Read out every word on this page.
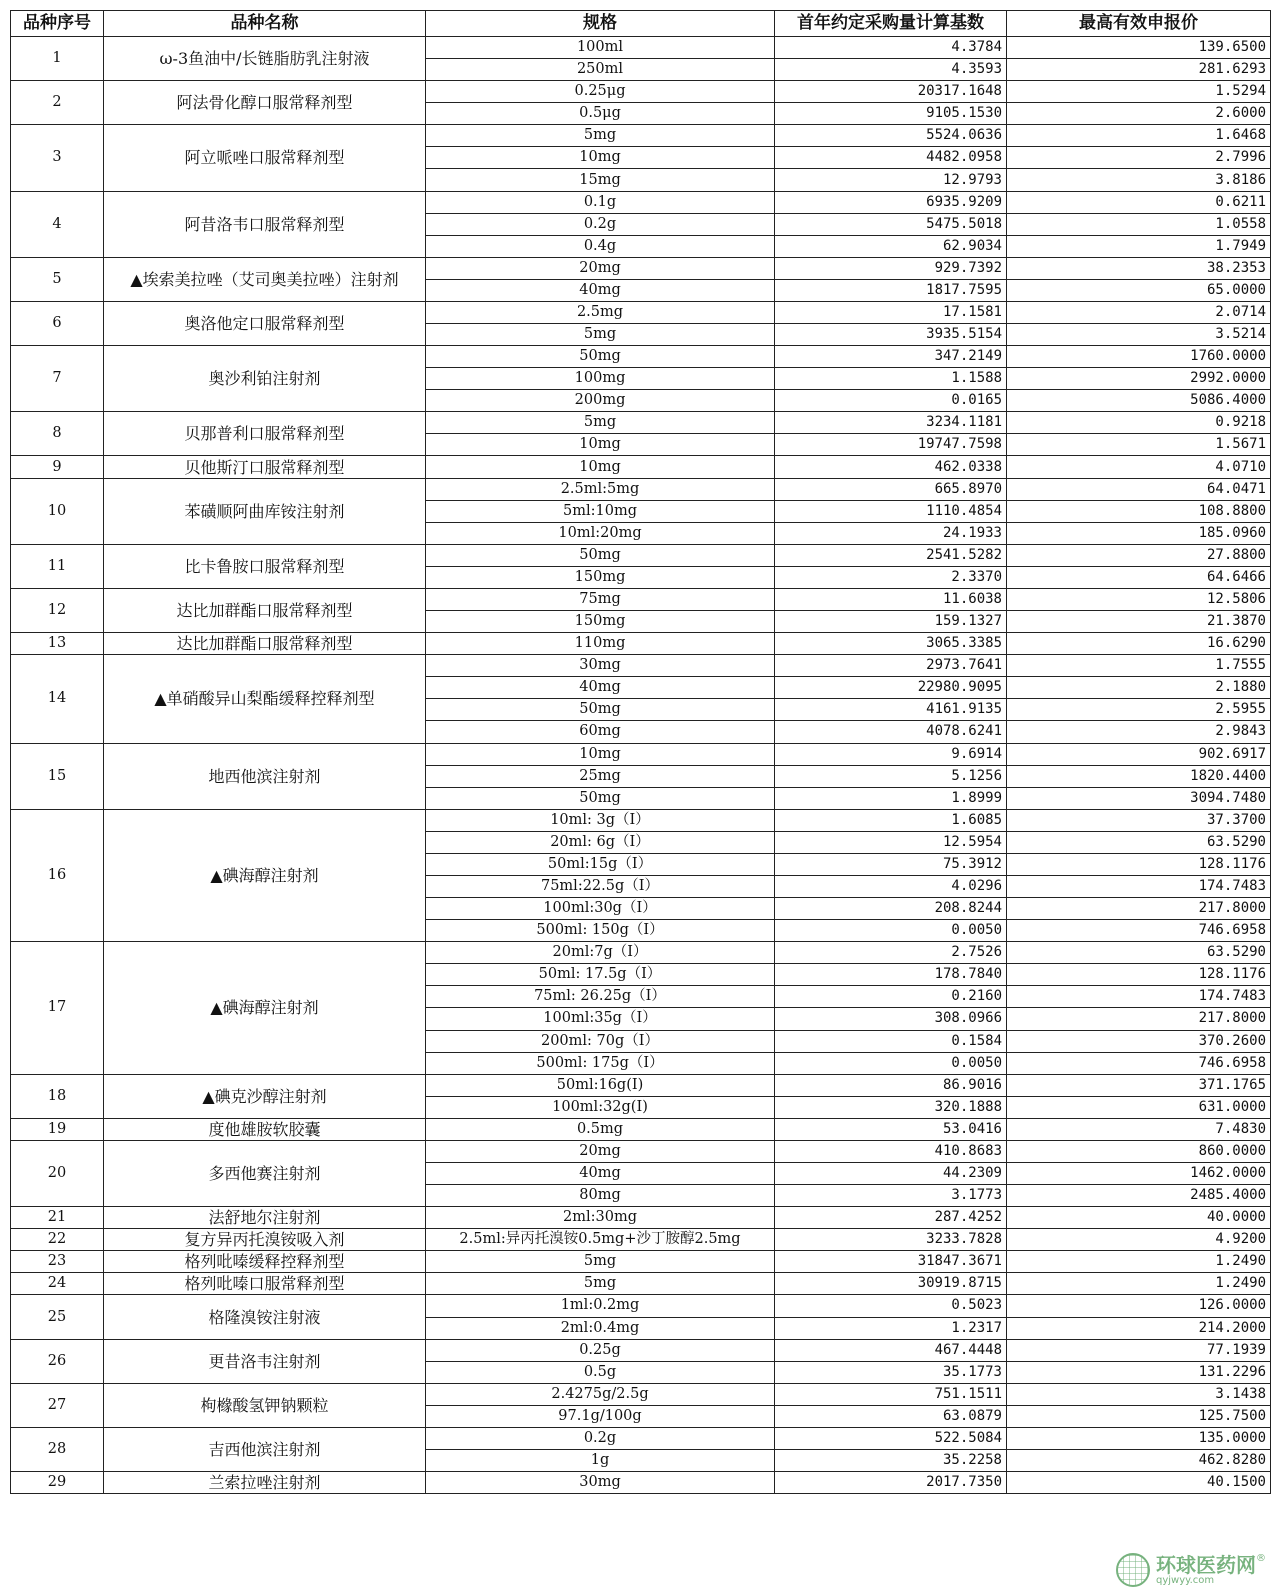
品种序号	品种名称	规格	首年约定采购量计算基数	最高有效申报价
1	ω-3鱼油中/长链脂肪乳注射液	100ml	4.3784	139.6500
		250ml	4.3593	281.6293
2	阿法骨化醇口服常释剂型	0.25μg	20317.1648	1.5294
		0.5μg	9105.1530	2.6000
3	阿立哌唑口服常释剂型	5mg	5524.0636	1.6468
		10mg	4482.0958	2.7996
		15mg	12.9793	3.8186
4	阿昔洛韦口服常释剂型	0.1g	6935.9209	0.6211
		0.2g	5475.5018	1.0558
		0.4g	62.9034	1.7949
5	▲埃索美拉唑（艾司奥美拉唑）注射剂	20mg	929.7392	38.2353
		40mg	1817.7595	65.0000
6	奥洛他定口服常释剂型	2.5mg	17.1581	2.0714
		5mg	3935.5154	3.5214
7	奥沙利铂注射剂	50mg	347.2149	1760.0000
		100mg	1.1588	2992.0000
		200mg	0.0165	5086.4000
8	贝那普利口服常释剂型	5mg	3234.1181	0.9218
		10mg	19747.7598	1.5671
9	贝他斯汀口服常释剂型	10mg	462.0338	4.0710
10	苯磺顺阿曲库铵注射剂	2.5ml:5mg	665.8970	64.0471
		5ml:10mg	1110.4854	108.8800
		10ml:20mg	24.1933	185.0960
11	比卡鲁胺口服常释剂型	50mg	2541.5282	27.8800
		150mg	2.3370	64.6466
12	达比加群酯口服常释剂型	75mg	11.6038	12.5806
		150mg	159.1327	21.3870
13	达比加群酯口服常释剂型	110mg	3065.3385	16.6290
14	▲单硝酸异山梨酯缓释控释剂型	30mg	2973.7641	1.7555
		40mg	22980.9095	2.1880
		50mg	4161.9135	2.5955
		60mg	4078.6241	2.9843
15	地西他滨注射剂	10mg	9.6914	902.6917
		25mg	5.1256	1820.4400
		50mg	1.8999	3094.7480
16	▲碘海醇注射剂	10ml: 3g（I）	1.6085	37.3700
		20ml: 6g（I）	12.5954	63.5290
		50ml:15g（I）	75.3912	128.1176
		75ml:22.5g（I）	4.0296	174.7483
		100ml:30g（I）	208.8244	217.8000
		500ml: 150g（I）	0.0050	746.6958
17	▲碘海醇注射剂	20ml:7g（I）	2.7526	63.5290
		50ml: 17.5g（I）	178.7840	128.1176
		75ml: 26.25g（I）	0.2160	174.7483
		100ml:35g（I）	308.0966	217.8000
		200ml: 70g（I）	0.1584	370.2600
		500ml: 175g（I）	0.0050	746.6958
18	▲碘克沙醇注射剂	50ml:16g(I)	86.9016	371.1765
		100ml:32g(I)	320.1888	631.0000
19	度他雄胺软胶囊	0.5mg	53.0416	7.4830
20	多西他赛注射剂	20mg	410.8683	860.0000
		40mg	44.2309	1462.0000
		80mg	3.1773	2485.4000
21	法舒地尔注射剂	2ml:30mg	287.4252	40.0000
22	复方异丙托溴铵吸入剂	2.5ml:异丙托溴铵0.5mg+沙丁胺醇2.5mg	3233.7828	4.9200
23	格列吡嗪缓释控释剂型	5mg	31847.3671	1.2490
24	格列吡嗪口服常释剂型	5mg	30919.8715	1.2490
25	格隆溴铵注射液	1ml:0.2mg	0.5023	126.0000
		2ml:0.4mg	1.2317	214.2000
26	更昔洛韦注射剂	0.25g	467.4448	77.1939
		0.5g	35.1773	131.2296
27	枸橼酸氢钾钠颗粒	2.4275g/2.5g	751.1511	3.1438
		97.1g/100g	63.0879	125.7500
28	吉西他滨注射剂	0.2g	522.5084	135.0000
		1g	35.2258	462.8280
29	兰索拉唑注射剂	30mg	2017.7350	40.1500
环球医药网
qyjwyy.com
®
